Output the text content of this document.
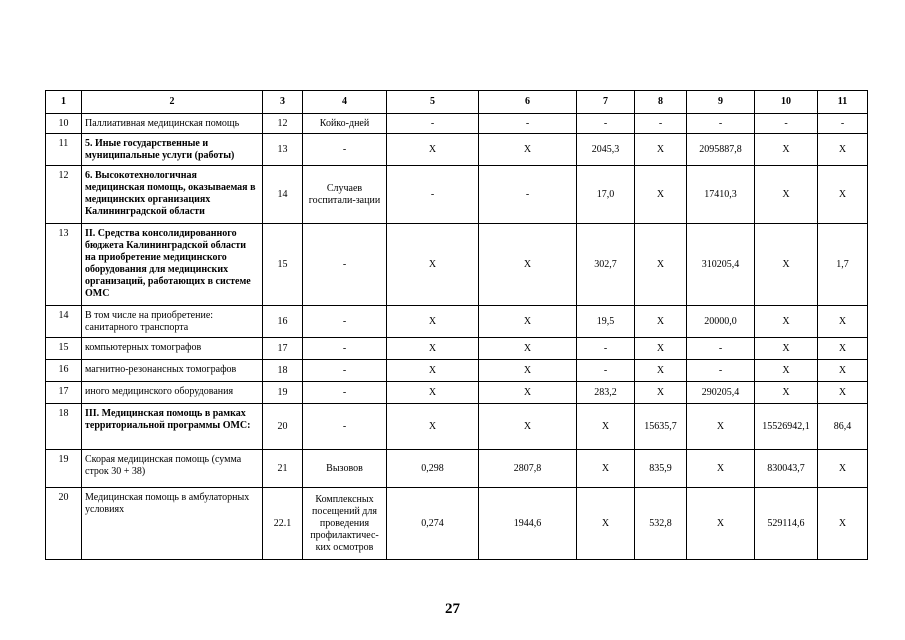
1	2	3	4	5	6	7	8	9	10	11
10	Паллиативная медицинская помощь	12	Койко-дней	-	-	-	-	-	-	-
11	5. Иные государственные и муниципальные услуги (работы)	13	-	X	X	2045,3	X	2095887,8	X	X
12	6. Высокотехнологичная медицинская помощь, оказываемая в медицинских организациях Калининградской области	14	Случаев госпитали-зации	-	-	17,0	X	17410,3	X	X
13	II. Средства консолидированного бюджета Калининградской области на приобретение медицинского оборудования для медицинских организаций, работающих в системе ОМС	15	-	X	X	302,7	X	310205,4	X	1,7
14	В том числе на приобретение: санитарного транспорта	16	-	X	X	19,5	X	20000,0	X	X
15	компьютерных томографов	17	-	X	X	-	X	-	X	X
16	магнитно-резонансных томографов	18	-	X	X	-	X	-	X	X
17	иного медицинского оборудования	19	-	X	X	283,2	X	290205,4	X	X
18	III. Медицинская помощь в рамках территориальной программы ОМС:	20	-	X	X	X	15635,7	X	15526942,1	86,4
19	Скорая медицинская помощь (сумма строк 30 + 38)	21	Вызовов	0,298	2807,8	X	835,9	X	830043,7	X
20	Медицинская помощь в амбулаторных условиях	22.1	Комплексных посещений для проведения профилактичес-ких осмотров	0,274	1944,6	X	532,8	X	529114,6	X
27
